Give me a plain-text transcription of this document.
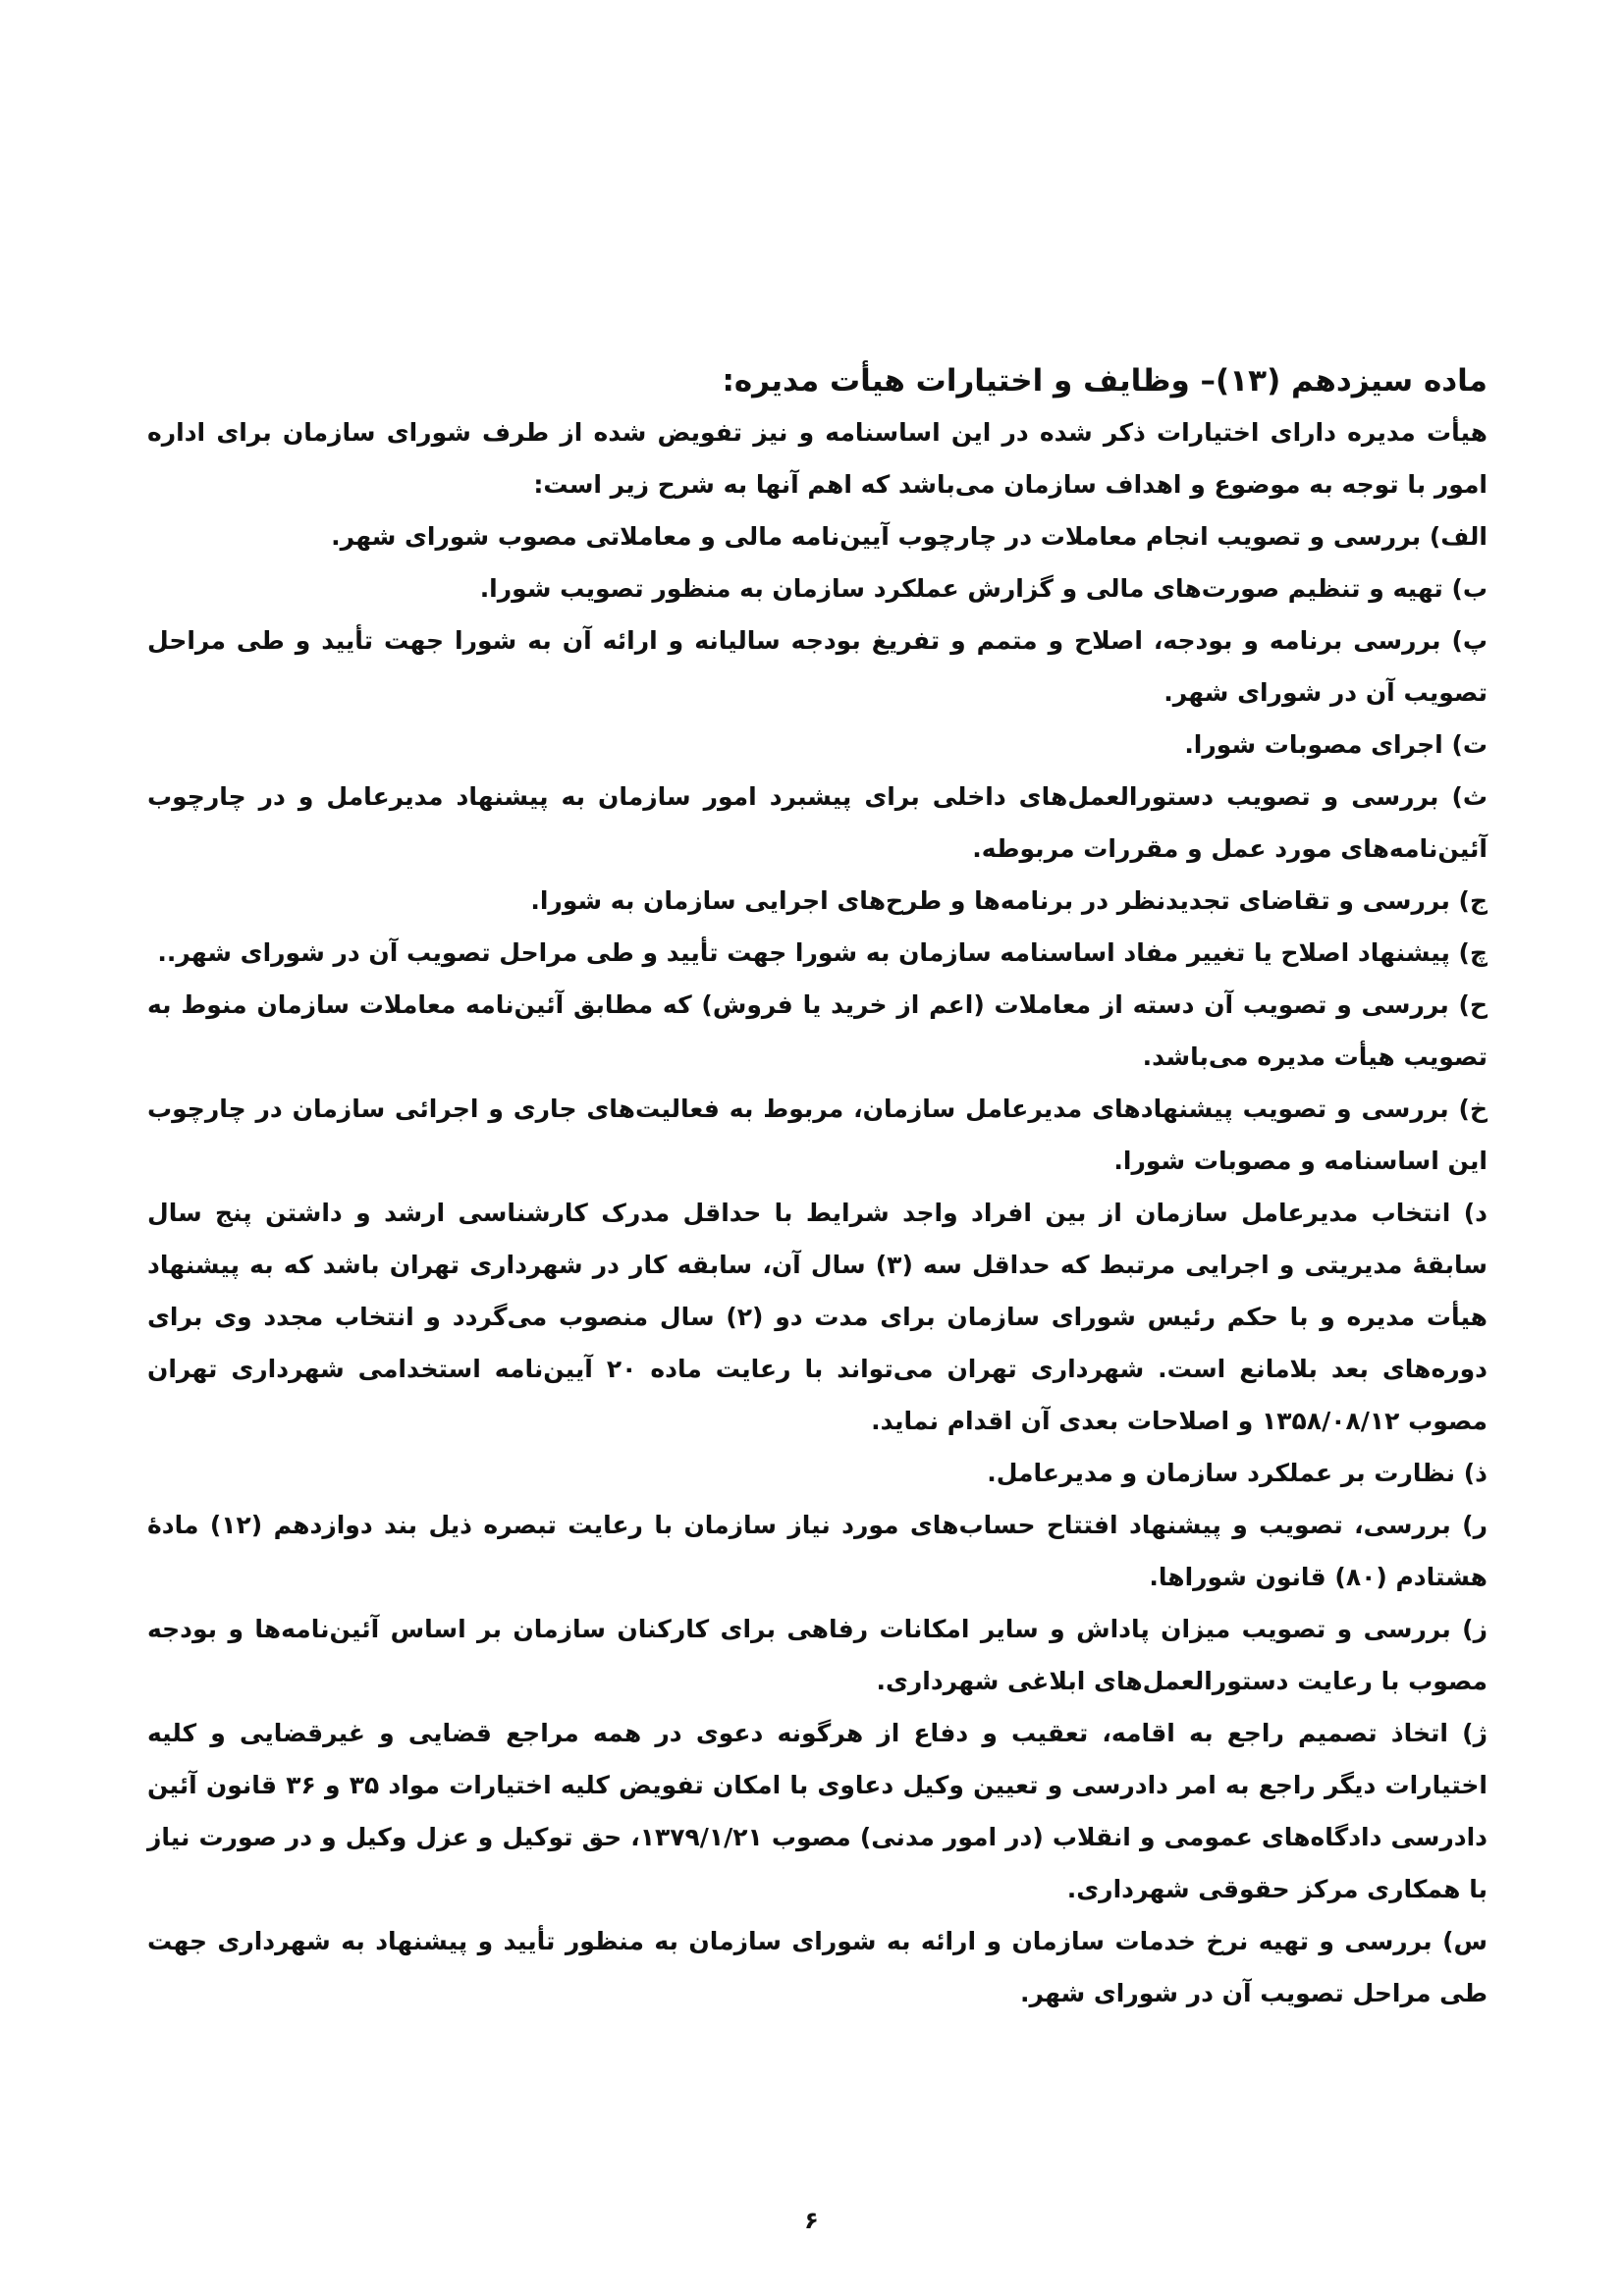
ماده سیزدهم (۱۳)– وظایف و اختیارات هیأت مدیره:

هیأت مدیره دارای اختیارات ذکر شده در این اساسنامه و نیز تفویض شده از طرف شورای سازمان برای اداره امور با توجه به موضوع و اهداف سازمان می‌باشد که اهم آنها به شرح زیر است:

الف) بررسی و تصویب انجام معاملات در چارچوب آیین‌نامه مالی و معاملاتی مصوب شورای شهر.

ب) تهیه و تنظیم صورت‌های مالی و گزارش عملکرد سازمان به منظور تصویب شورا.

پ) بررسی برنامه و بودجه، اصلاح و متمم و تفریغ بودجه سالیانه و ارائه آن به شورا جهت تأیید و طی مراحل تصویب آن در شورای شهر.

ت) اجرای مصوبات شورا.

ث) بررسی و تصویب دستورالعمل‌های داخلی برای پیشبرد امور سازمان به پیشنهاد مدیرعامل و در چارچوب آئین‌نامه‌های مورد عمل و مقررات مربوطه.

ج) بررسی و تقاضای تجدیدنظر در برنامه‌ها و طرح‌های اجرایی سازمان به شورا.

چ) پیشنهاد اصلاح یا تغییر مفاد اساسنامه سازمان به شورا جهت تأیید و طی مراحل تصویب آن در شورای شهر..

ح) بررسی و تصویب آن دسته از معاملات (اعم از خرید یا فروش) که مطابق آئین‌نامه معاملات سازمان منوط به تصویب هیأت مدیره می‌باشد.

خ) بررسی و تصویب پیشنهادهای مدیرعامل سازمان، مربوط به فعالیت‌های جاری و اجرائی سازمان در چارچوب این اساسنامه و مصوبات شورا.

د) انتخاب مدیرعامل سازمان از بین افراد واجد شرایط با حداقل مدرک کارشناسی ارشد و داشتن پنج سال سابقهٔ مدیریتی و اجرایی مرتبط که حداقل سه (۳) سال آن، سابقه کار در شهرداری تهران باشد که به پیشنهاد هیأت مدیره و با حکم رئیس شورای سازمان برای مدت دو (۲) سال منصوب می‌گردد و انتخاب مجدد وی برای دوره‌های بعد بلامانع است. شهرداری تهران می‌تواند با رعایت ماده ۲۰ آیین‌نامه استخدامی شهرداری تهران مصوب ۱۳۵۸/۰۸/۱۲ و اصلاحات بعدی آن اقدام نماید.

ذ) نظارت بر عملکرد سازمان و مدیرعامل.

ر) بررسی، تصویب و پیشنهاد افتتاح حساب‌های مورد نیاز سازمان با رعایت تبصره ذیل بند دوازدهم (۱۲) مادهٔ هشتادم (۸۰) قانون شوراها.

ز) بررسی و تصویب میزان پاداش و سایر امکانات رفاهی برای کارکنان سازمان بر اساس آئین‌نامه‌ها و بودجه مصوب با رعایت دستورالعمل‌های ابلاغی شهرداری.

ژ) اتخاذ تصمیم راجع به اقامه، تعقیب و دفاع از هرگونه دعوی در همه مراجع قضایی و غیرقضایی و کلیه اختیارات دیگر راجع به امر دادرسی و تعیین وکیل دعاوی با امکان تفویض کلیه اختیارات مواد ۳۵ و ۳۶ قانون آئین دادرسی دادگاه‌های عمومی و انقلاب (در امور مدنی) مصوب ۱۳۷۹/۱/۲۱، حق توکیل و عزل وکیل و در صورت نیاز با همکاری مرکز حقوقی شهرداری.

س) بررسی و تهیه نرخ خدمات سازمان و ارائه به شورای سازمان به منظور تأیید و پیشنهاد به شهرداری جهت طی مراحل تصویب آن در شورای شهر.

۶
